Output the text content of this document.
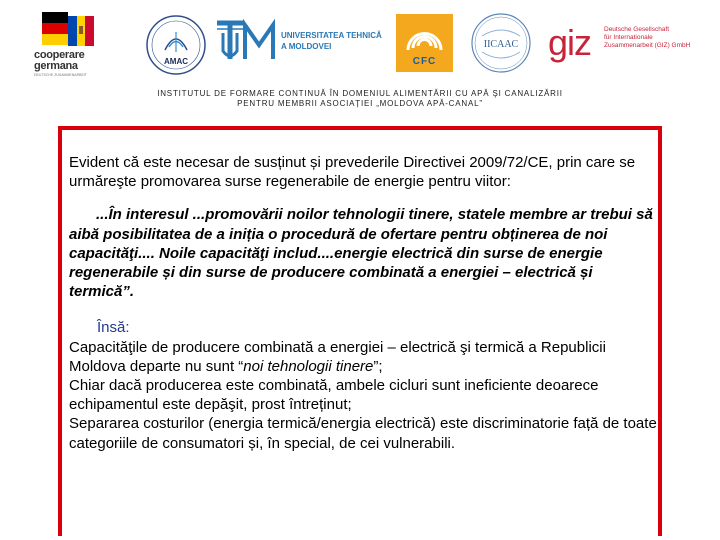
cooperare
germana
DEUTSCHE ZUSAMMENARBEIT
AMAC
UNIVERSITATEA TEHNICĂ
A MOLDOVEI
CFC
IICAAC giz Deutsche Gesellschaft
für Internationale
Zusammenarbeit (GIZ) GmbH
INSTITUTUL DE FORMARE CONTINUĂ ÎN DOMENIUL ALIMENTĂRII CU APĂ ŞI CANALIZĂRII
PENTRU MEMBRII ASOCIAȚIEI „MOLDOVA APĂ-CANAL”

Evident că este necesar de susținut și prevederile Directivei 2009/72/CE, prin care se urmăreşte promovarea surse regenerabile de energie pentru viitor:

...În interesul ...promovării noilor tehnologii tinere, statele membre ar trebui să aibă posibilitatea de a iniția o procedură de ofertare pentru obținerea de noi capacităţi.... Noile capacităţi includ....energie electrică din surse de energie regenerabile și din surse de producere combinată a energiei – electrică și termică”.

Însă:

Capacităţile de producere combinată a energiei – electrică şi termică a Republicii Moldova departe nu sunt “noi tehnologii tinere”;

Chiar dacă producerea este combinată, ambele cicluri sunt ineficiente deoarece echipamentul este depăşit, prost întreținut;

Separarea costurilor (energia termică/energia electrică) este discriminatorie față de toate categoriile de consumatori și, în special, de cei vulnerabili.
